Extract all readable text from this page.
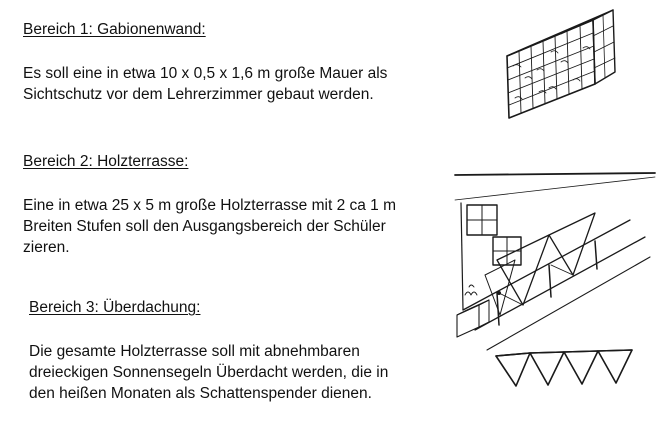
Bereich 1: Gabionenwand:
Es soll eine in etwa 10 x 0,5 x 1,6 m große Mauer als
Sichtschutz vor dem Lehrerzimmer gebaut werden.
Bereich 2: Holzterrasse:
Eine in etwa 25 x 5 m große Holzterrasse mit 2 ca 1 m
Breiten Stufen soll den Ausgangsbereich der Schüler
zieren.
Bereich 3: Überdachung:
Die gesamte Holzterrasse soll mit abnehmbaren
dreieckigen Sonnensegeln Überdacht werden, die in
den heißen Monaten als Schattenspender dienen.
